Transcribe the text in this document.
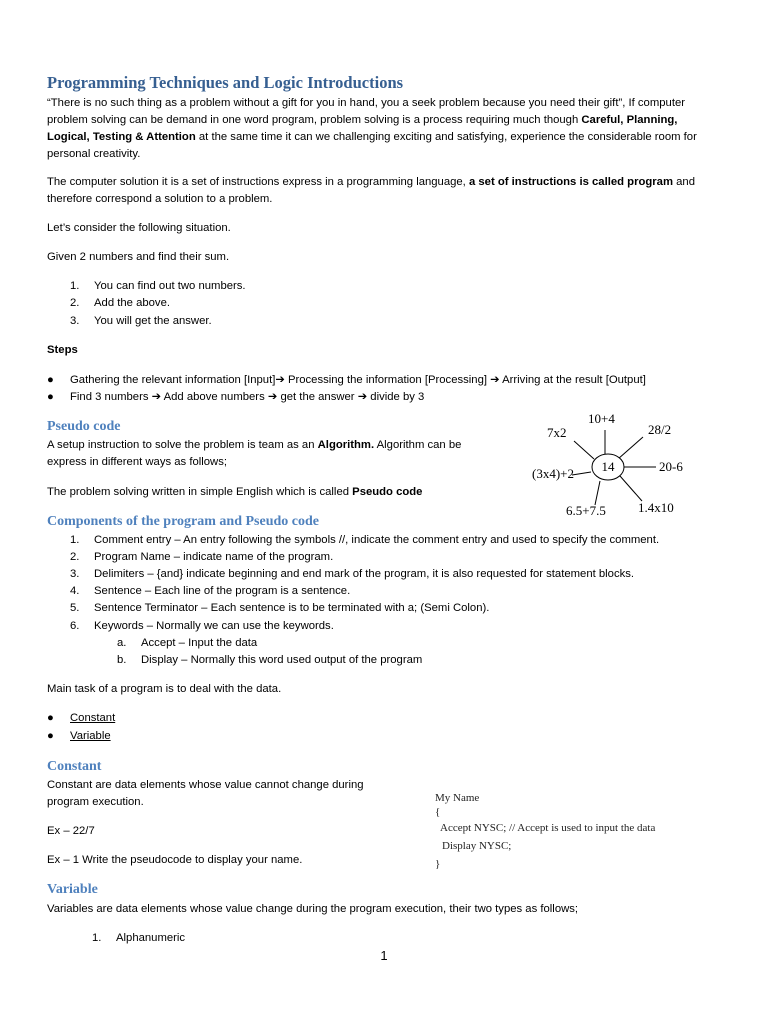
Programming Techniques and Logic Introductions
“There is no such thing as a problem without a gift for you in hand, you a seek problem because you need their gift”, If computer problem solving can be demand in one word program, problem solving is a process requiring much though Careful, Planning, Logical, Testing & Attention at the same time it can we challenging exciting and satisfying, experience the considerable room for personal creativity.
The computer solution it is a set of instructions express in a programming language, a set of instructions is called program and therefore correspond a solution to a problem.
Let’s consider the following situation.
Given 2 numbers and find their sum.
1. You can find out two numbers.
2. Add the above.
3. You will get the answer.
Steps
● Gathering the relevant information [Input]➔ Processing the information [Processing] ➔ Arriving at the result [Output]
● Find 3 numbers ➔ Add above numbers ➔ get the answer ➔ divide by 3
Pseudo code
A setup instruction to solve the problem is team as an Algorithm. Algorithm can be express in different ways as follows;
The problem solving written in simple English which is called Pseudo code
14
10+4
28/2
20-6
1.4x10
6.5+7.5
(3x4)+2
7x2
Components of the program and Pseudo code
1. Comment entry – An entry following the symbols //, indicate the comment entry and used to specify the comment.
2. Program Name – indicate name of the program.
3. Delimiters – {and} indicate beginning and end mark of the program, it is also requested for statement blocks.
4. Sentence – Each line of the program is a sentence.
5. Sentence Terminator – Each sentence is to be terminated with a; (Semi Colon).
6. Keywords – Normally we can use the keywords.
a. Accept – Input the data
b. Display – Normally this word used output of the program
Main task of a program is to deal with the data.
● Constant
● Variable
Constant
Constant are data elements whose value cannot change during program execution.
Ex – 22/7
Ex – 1 Write the pseudocode to display your name.
My Name
{
Accept NYSC; // Accept is used to input the data
Display NYSC;
}
Variable
Variables are data elements whose value change during the program execution, their two types as follows;
1. Alphanumeric
1
